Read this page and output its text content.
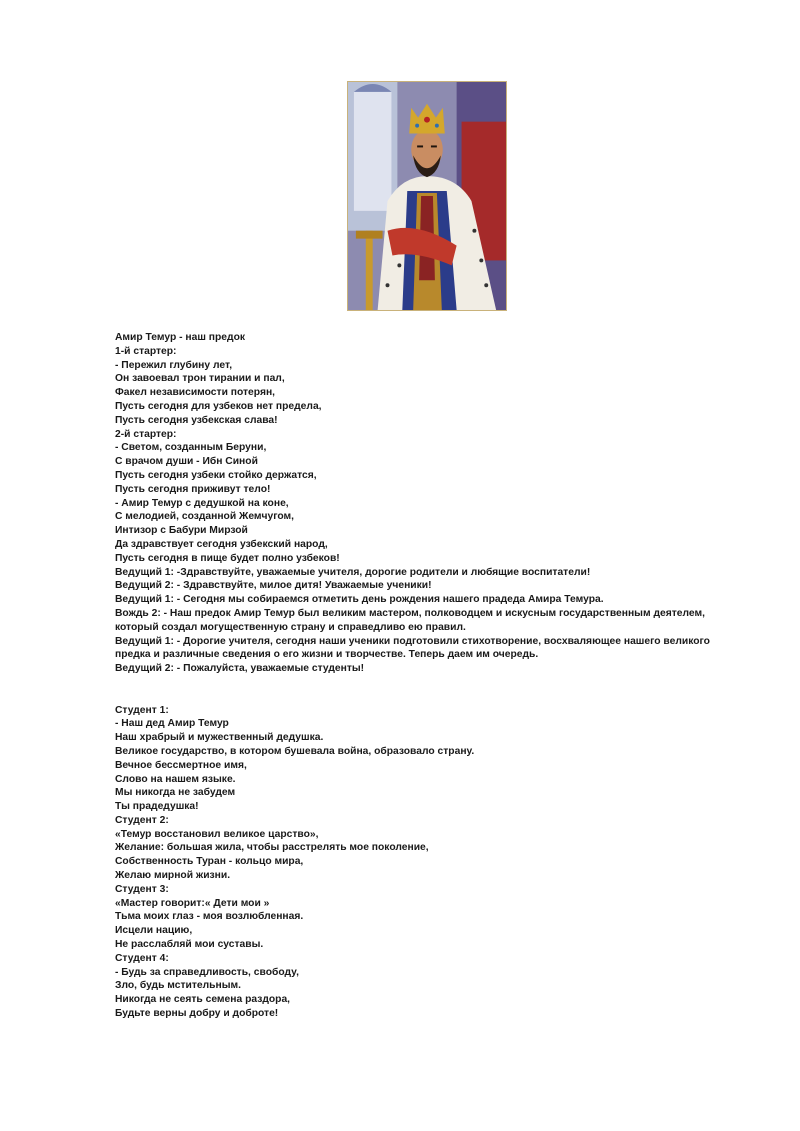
Амир Темур - наш предок

1-й стартер:

- Пережил глубину лет,

Он завоевал трон тирании и пал,

Факел независимости потерян,

Пусть сегодня для узбеков нет предела,

Пусть сегодня узбекская слава!

2-й стартер:

- Светом, созданным Беруни,

С врачом души - Ибн Синой

Пусть сегодня узбеки стойко держатся,

Пусть сегодня приживут тело!

- Амир Темур с дедушкой на коне,

С мелодией, созданной Жемчугом,

Интизор с Бабури Мирзой

Да здравствует сегодня узбекский народ,

Пусть сегодня в пище будет полно узбеков!

Ведущий 1: -Здравствуйте, уважаемые учителя, дорогие родители и любящие воспитатели!

Ведущий 2: - Здравствуйте, милое дитя! Уважаемые ученики!

Ведущий 1: - Сегодня мы собираемся отметить день рождения нашего прадеда Амира Темура.

Вождь 2: - Наш предок Амир Темур был великим мастером, полководцем и искусным государственным деятелем,

который создал могущественную страну и справедливо ею правил.

Ведущий 1: - Дорогие учителя, сегодня наши ученики подготовили стихотворение, восхваляющее нашего великого

предка и различные сведения о его жизни и творчестве. Теперь даем им очередь.

Ведущий 2: - Пожалуйста, уважаемые студенты!

Студент 1:

- Наш дед Амир Темур

Наш храбрый и мужественный дедушка.

Великое государство, в котором бушевала война, образовало страну.

Вечное бессмертное имя,

Слово на нашем языке.

Мы никогда не забудем

Ты прадедушка!

Студент 2:

«Темур восстановил великое царство»,

Желание: большая жила, чтобы расстрелять мое поколение,

Собственность Туран - кольцо мира,

Желаю мирной жизни.

Студент 3:

«Мастер говорит:« Дети мои »

Тьма моих глаз - моя возлюбленная.

Исцели нацию,

Не расслабляй мои суставы.

Студент 4:

- Будь за справедливость, свободу,

Зло, будь мстительным.

Никогда не сеять семена раздора,

Будьте верны добру и доброте!
